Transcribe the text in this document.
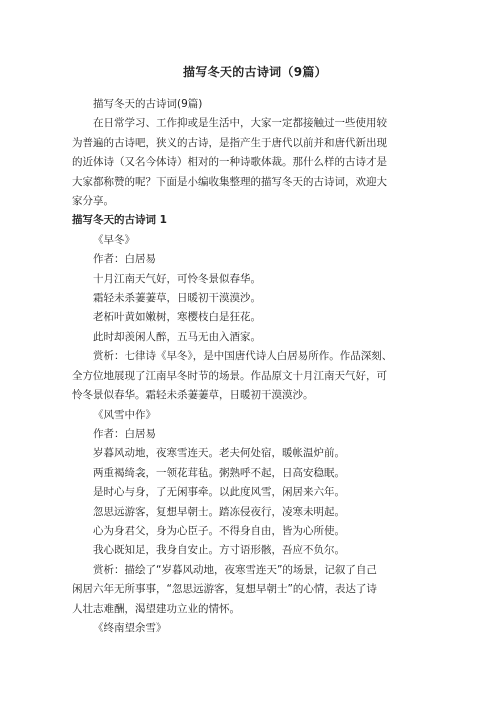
描写冬天的古诗词（9篇）

描写冬天的古诗词(9篇)

在日常学习、工作抑或是生活中，大家一定都接触过一些使用较

为普遍的古诗吧，狭义的古诗，是指产生于唐代以前并和唐代新出现

的近体诗（又名今体诗）相对的一种诗歌体裁。那什么样的古诗才是

大家都称赞的呢？下面是小编收集整理的描写冬天的古诗词，欢迎大

家分享。

描写冬天的古诗词 1

《早冬》

作者：白居易

十月江南天气好，可怜冬景似春华。

霜轻未杀萋萋草，日暖初干漠漠沙。

老柘叶黄如嫩树，寒樱枝白是狂花。

此时却羡闲人醉，五马无由入酒家。

赏析：七律诗《早冬》，是中国唐代诗人白居易所作。作品深刻、

全方位地展现了江南早冬时节的场景。作品原文十月江南天气好，可

怜冬景似春华。霜轻未杀萋萋草，日暖初干漠漠沙。

《风雪中作》

作者：白居易

岁暮风动地，夜寒雪连天。老夫何处宿，暖帐温炉前。

两重褐绮衾，一领花茸毡。粥熟呼不起，日高安稳眠。

是时心与身，了无闲事牵。以此度风雪，闲居来六年。

忽思远游客，复想早朝士。踏冻侵夜行，凌寒未明起。

心为身君父，身为心臣子。不得身自由，皆为心所使。

我心既知足，我身自安止。方寸语形骸，吾应不负尔。

赏析：描绘了“岁暮风动地，夜寒雪连天”的场景，记叙了自己

闲居六年无所事事，“忽思远游客，复想早朝士”的心情，表达了诗

人壮志难酬，渴望建功立业的情怀。

《终南望余雪》
